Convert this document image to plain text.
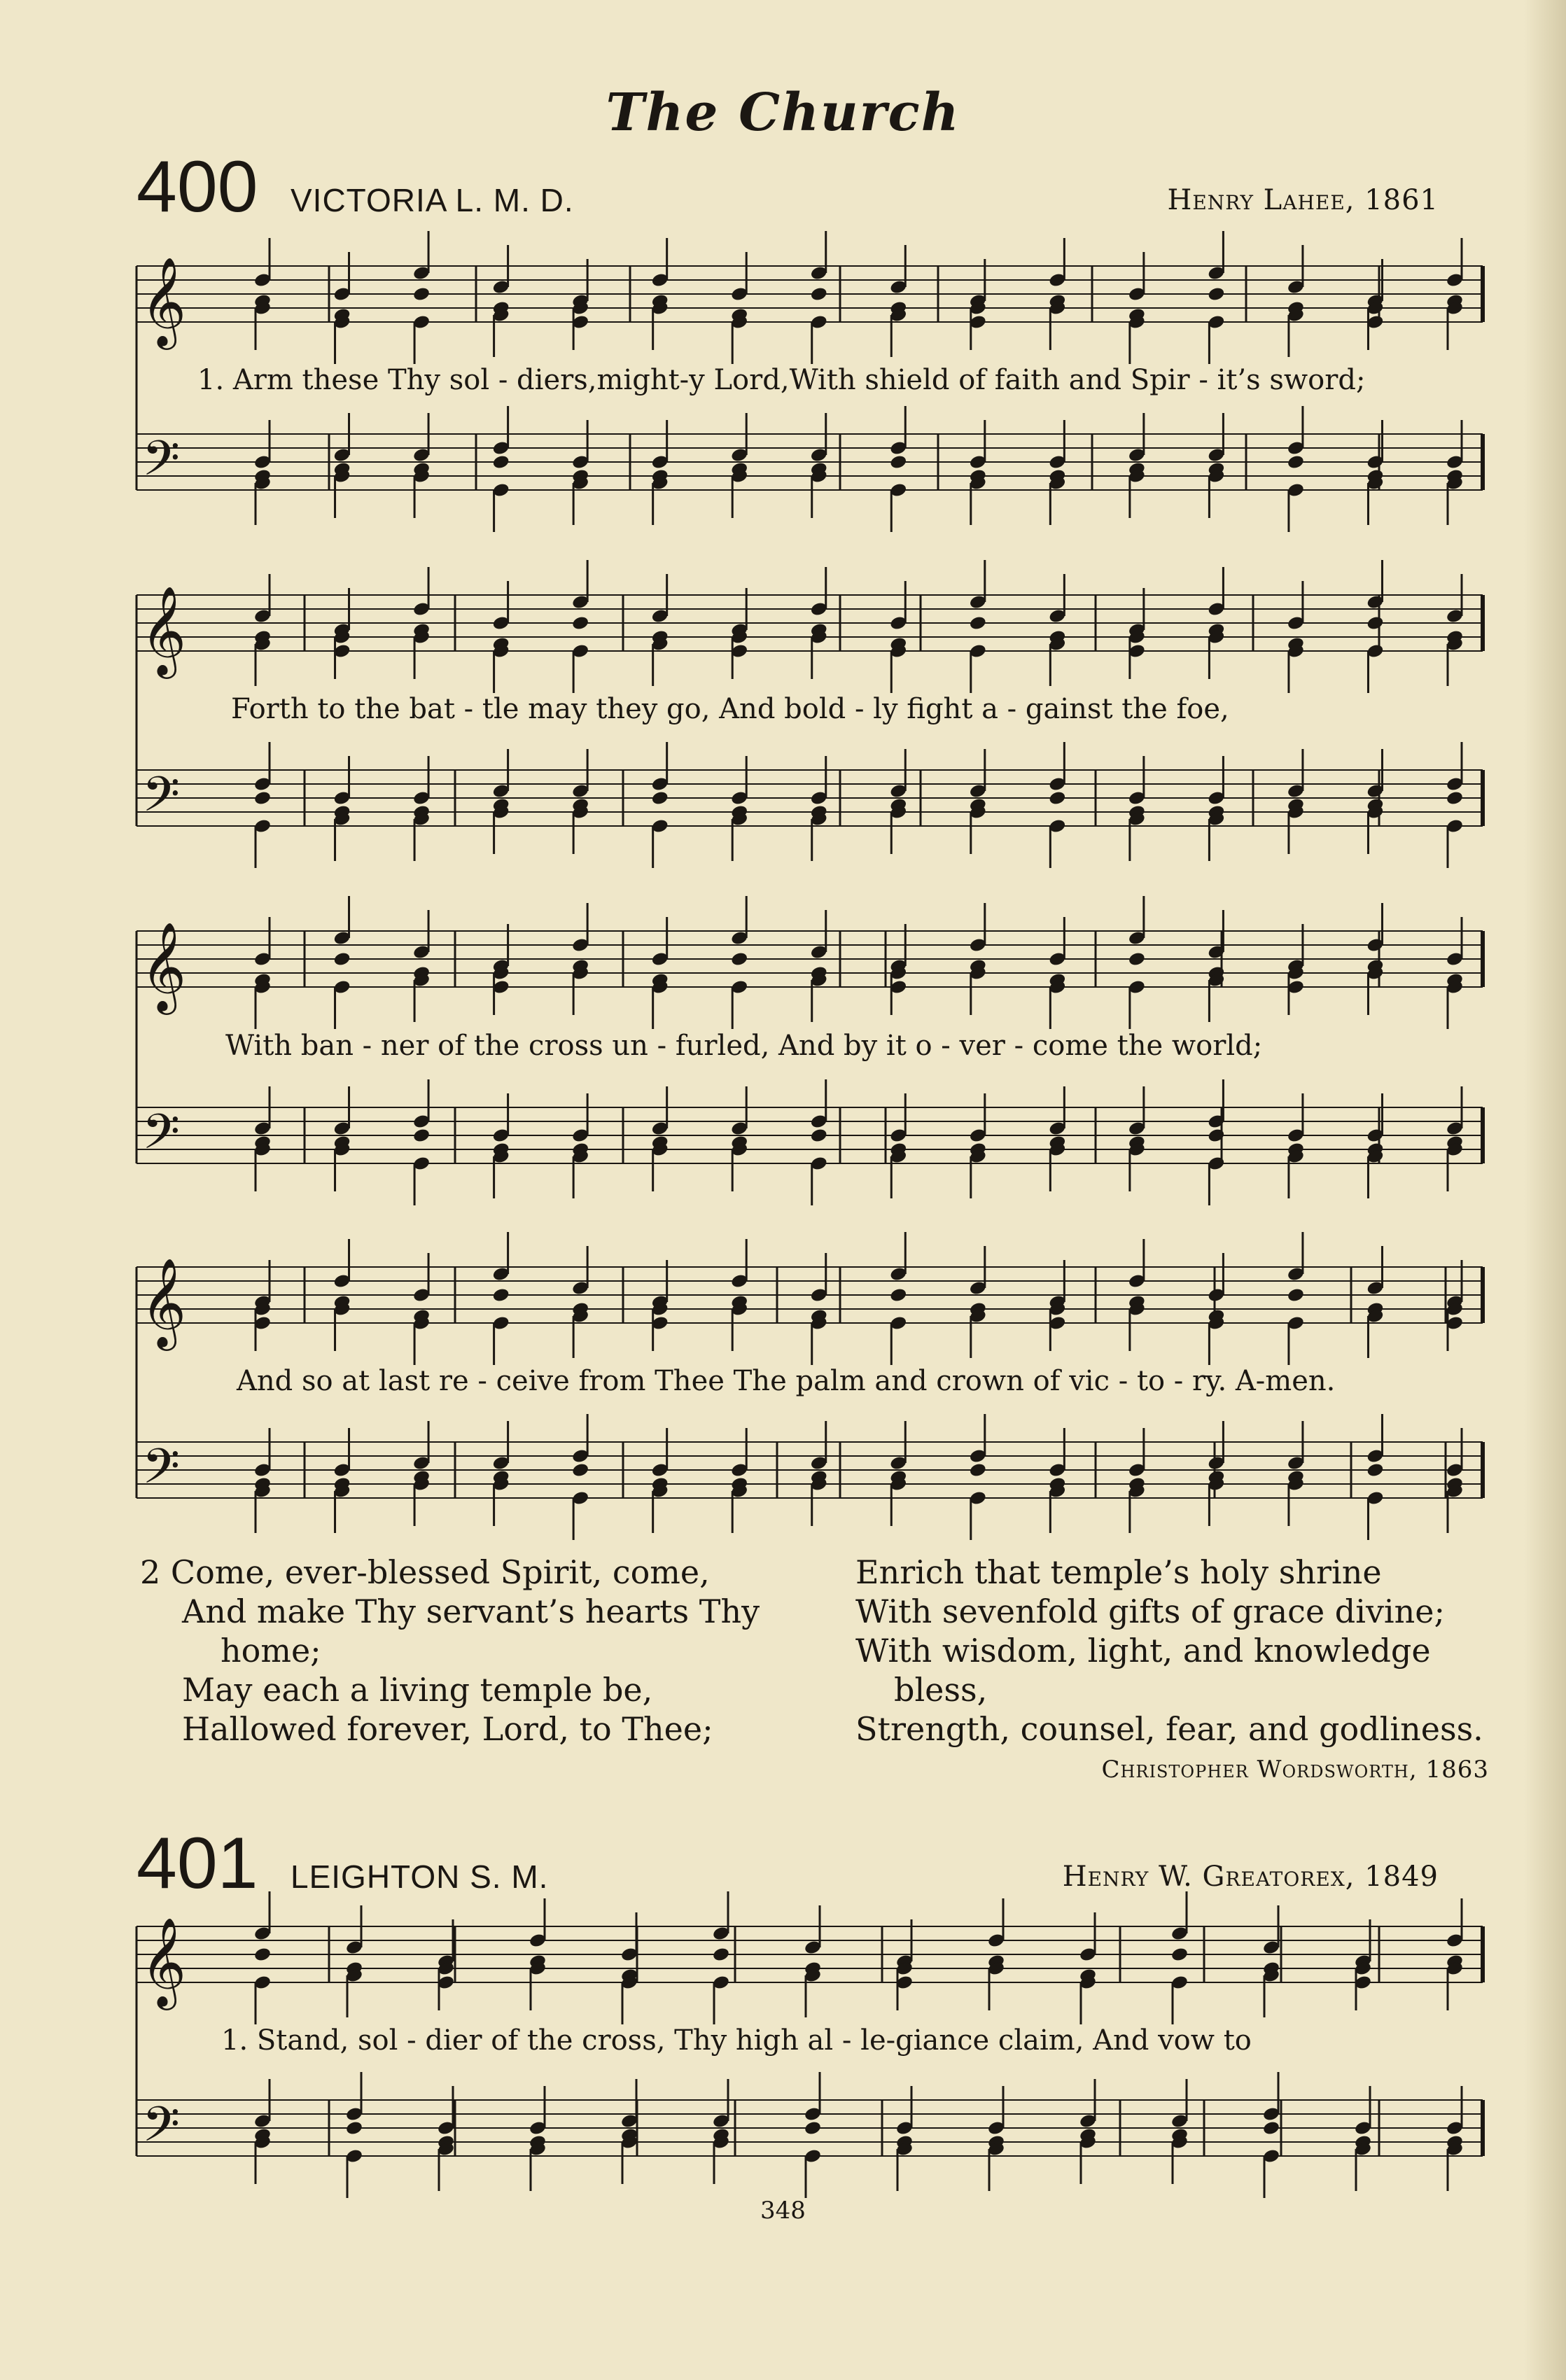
The Church
400 VICTORIA L. M. D.	Henry Lahee, 1861
401 LEIGHTON S. M.	Henry W. Greatorex, 1849
𝄞
𝄢
𝄞
𝄢
𝄞
𝄢
𝄞
𝄢
𝄞
𝄢
1. Arm these Thy sol - diers,might-y Lord,With shield of faith and Spir - it’s sword;
Forth to the bat - tle may they go, And bold - ly fight a - gainst the foe,
With ban - ner of the cross un - furled, And by it o - ver - come the world;
And so at last re - ceive from Thee The palm and crown of vic - to - ry. A-men.
1. Stand, sol - dier of the cross, Thy high al - le-giance claim, And vow to

2 Come, ever-blessed Spirit, come,

And make Thy servant’s hearts Thy

home;

May each a living temple be,

Hallowed forever, Lord, to Thee;

Enrich that temple’s holy shrine

With sevenfold gifts of grace divine;

With wisdom, light, and knowledge

bless,

Strength, counsel, fear, and godliness.

Christopher Wordsworth, 1863
348
